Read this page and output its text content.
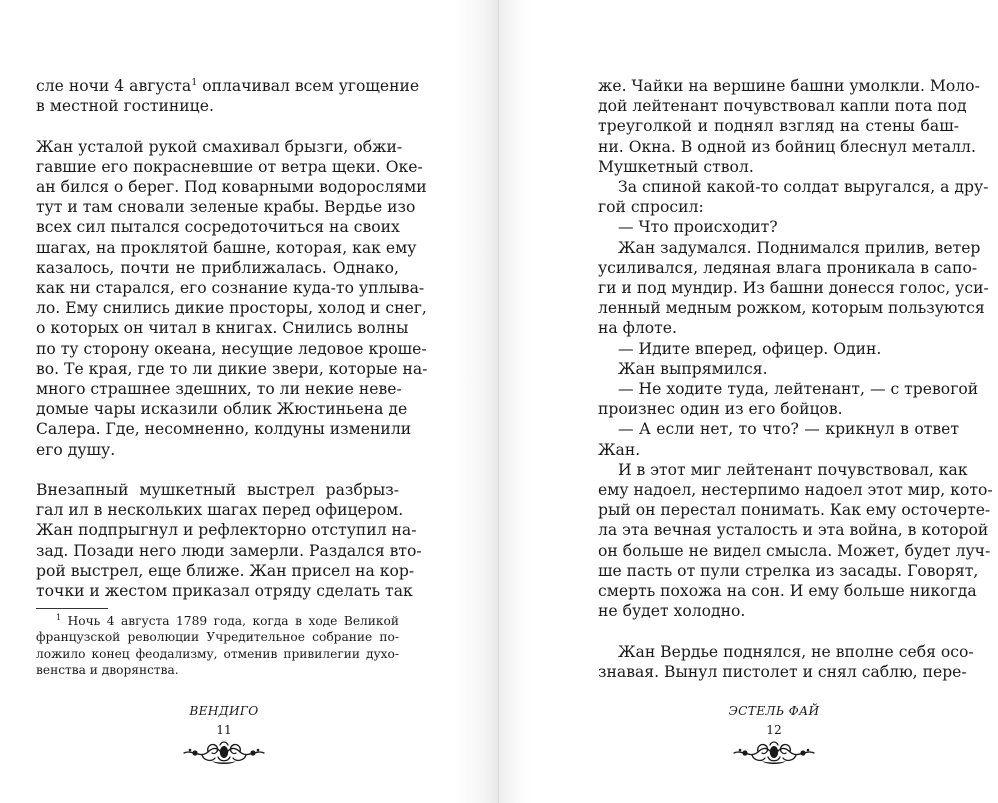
сле ночи 4 августа$^1$ оплачивал всем угощение

в местной гостинице.

Жан усталой рукой смахивал брызги, обжи-

гавшие его покрасневшие от ветра щеки. Оке-

ан бился о берег. Под коварными водорослями

тут и там сновали зеленые крабы. Вердье изо

всех сил пытался сосредоточиться на своих

шагах, на проклятой башне, которая, как ему

казалось, почти не приближалась. Однако,

как ни старался, его сознание куда-то уплыва-

ло. Ему снились дикие просторы, холод и снег,

о которых он читал в книгах. Снились волны

по ту сторону океана, несущие ледовое кроше-

во. Те края, где то ли дикие звери, которые на-

много страшнее здешних, то ли некие неве-

домые чары исказили облик Жюстиньена де

Салера. Где, несомненно, колдуны изменили

его душу.

Внезапный мушкетный выстрел разбрыз-

гал ил в нескольких шагах перед офицером.

Жан подпрыгнул и рефлекторно отступил на-

зад. Позади него люди замерли. Раздался вто-

рой выстрел, еще ближе. Жан присел на кор-

точки и жестом приказал отряду сделать так

$^1$ Ночь 4 августа 1789 года, когда в ходе Великой

французской революции Учредительное собрание по-

ложило конец феодализму, отменив привилегии духо-

венства и дворянства.

ВЕНДИГО
11

же. Чайки на вершине башни умолкли. Моло-

дой лейтенант почувствовал капли пота под

треуголкой и поднял взгляд на стены баш-

ни. Окна. В одной из бойниц блеснул металл.

Мушкетный ствол.

За спиной какой-то солдат выругался, а дру-

гой спросил:

— Что происходит?

Жан задумался. Поднимался прилив, ветер

усиливался, ледяная влага проникала в сапо-

ги и под мундир. Из башни донесся голос, уси-

ленный медным рожком, которым пользуются

на флоте.

— Идите вперед, офицер. Один.

Жан выпрямился.

— Не ходите туда, лейтенант, — с тревогой

произнес один из его бойцов.

— А если нет, то что? — крикнул в ответ

Жан.

И в этот миг лейтенант почувствовал, как

ему надоел, нестерпимо надоел этот мир, кото-

рый он перестал понимать. Как ему осточерте-

ла эта вечная усталость и эта война, в которой

он больше не видел смысла. Может, будет луч-

ше пасть от пули стрелка из засады. Говорят,

смерть похожа на сон. И ему больше никогда

не будет холодно.

Жан Вердье поднялся, не вполне себя осо-

знавая. Вынул пистолет и снял саблю, пере-

ЭСТЕЛЬ ФАЙ
12
